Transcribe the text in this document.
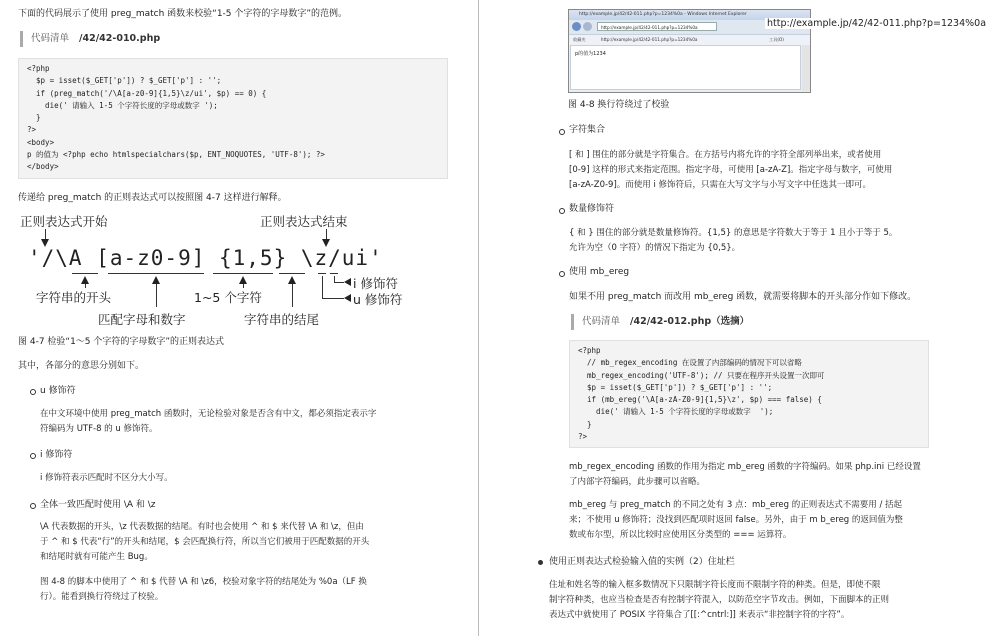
下面的代码展示了使用 preg_match 函数来校验“1-5 个字符的字母数字”的范例。
代码清单 /42/42-010.php
<?php
$p = isset($_GET['p']) ? $_GET['p'] : '';
if (preg_match('/\A[a-z0-9]{1,5}\z/ui', $p) == 0) {
die(' 请输入 1-5 个字符长度的字母或数字 ');
}
?>
<body>
p 的值为 <?php echo htmlspecialchars($p, ENT_NOQUOTES, 'UTF-8'); ?>
</body>
传递给 preg_match 的正则表达式可以按照图 4-7 这样进行解释。
正则表达式开始	正则表达式结束
'/\A [a-z0-9] {1,5} \z/ui'
字符串的开头
匹配字母和数字
1~5 个字符
字符串的结尾
u 修饰符
i 修饰符
图 4-7 检验“1～5 个字符的字母数字”的正则表达式
其中，各部分的意思分别如下。
u 修饰符
在中文环境中使用 preg_match 函数时，无论检验对象是否含有中文，都必须指定表示字
符编码为 UTF-8 的 u 修饰符。
i 修饰符
i 修饰符表示匹配时不区分大小写。
全体一致匹配时使用 \A 和 \z
\A 代表数据的开头，\z 代表数据的结尾。有时也会使用 ^ 和 $ 来代替 \A 和 \z，但由
于 ^ 和 $ 代表“行”的开头和结尾，$ 会匹配换行符，所以当它们被用于匹配数据的开头
和结尾时就有可能产生 Bug。
图 4-8 的脚本中使用了 ^ 和 $ 代替 \A 和 \z6，校验对象字符的结尾处为 %0a（LF 换
行）。能看到换行符绕过了校验。
http://example.jp/42/42-011.php?p=1234%0a - Windows Internet Explorer
http://example.jp/42/42-011.php?p=1234%0a
收藏夹	http://example.jp/42/42-011.php?p=1234%0a	工具(O)
p的值为1234
http://example.jp/42/42-011.php?p=1234%0a
图 4-8 换行符绕过了校验
字符集合
[ 和 ] 围住的部分就是字符集合。在方括号内将允许的字符全部列举出来，或者使用
[0-9] 这样的形式来指定范围。指定字母，可使用 [a-zA-Z]。指定字母与数字，可使用
[a-zA-Z0-9]。而使用 i 修饰符后，只需在大写文字与小写文字中任选其一即可。
数量修饰符
{ 和 } 围住的部分就是数量修饰符。{1,5} 的意思是字符数大于等于 1 且小于等于 5。
允许为空（0 字符）的情况下指定为 {0,5}。
使用 mb_ereg
如果不用 preg_match 而改用 mb_ereg 函数，就需要将脚本的开头部分作如下修改。
代码清单 /42/42-012.php（选摘）
<?php
// mb_regex_encoding 在设置了内部编码的情况下可以省略
mb_regex_encoding('UTF-8'); // 只要在程序开头设置一次即可
$p = isset($_GET['p']) ? $_GET['p'] : '';
if (mb_ereg('\A[a-zA-Z0-9]{1,5}\z', $p) === false) {
die(' 请输入 1-5 个字符长度的字母或数字  ');
}
?>
mb_regex_encoding 函数的作用为指定 mb_ereg 函数的字符编码。如果 php.ini 已经设置
了内部字符编码，此步骤可以省略。
mb_ereg 与 preg_match 的不同之处有 3 点：mb_ereg 的正则表达式不需要用 / 括起
来；不使用 u 修饰符；没找到匹配项时返回 false。另外，由于 m b_ereg 的返回值为整
数或布尔型，所以比较时应使用区分类型的 === 运算符。
使用正则表达式检验输入值的实例（2）住址栏
住址和姓名等的输入框多数情况下只限制字符长度而不限制字符的种类。但是，即使不限
制字符种类，也应当检查是否有控制字符混入，以防范空字节攻击。例如，下面脚本的正则
表达式中就使用了 POSIX 字符集合了[[:^cntrl:]] 来表示“非控制字符的字符”。
